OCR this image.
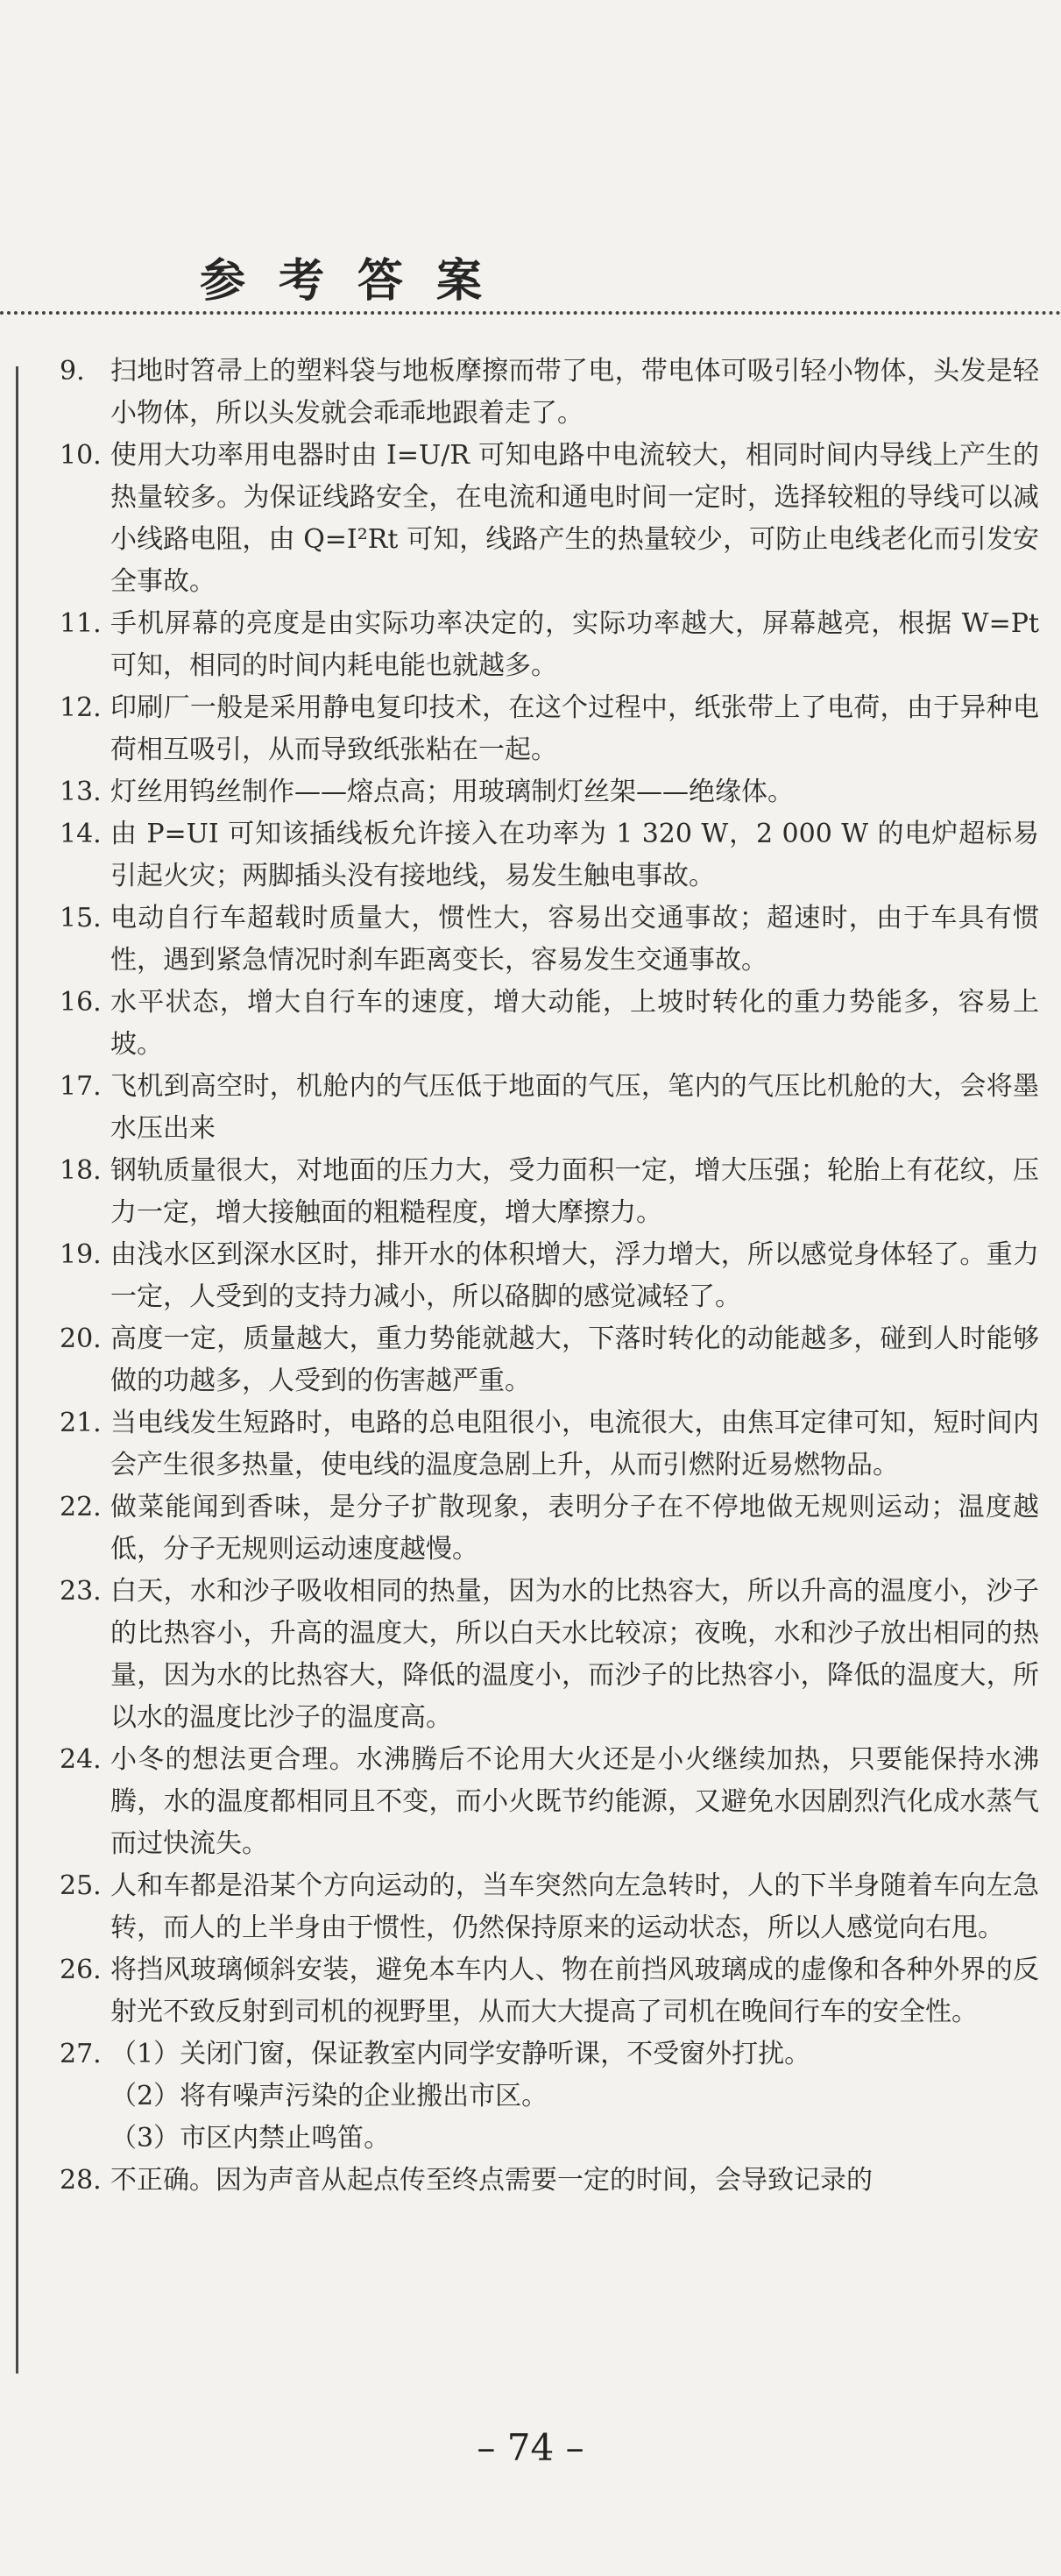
参考答案
9. 扫地时笤帚上的塑料袋与地板摩擦而带了电，带电体可吸引轻小物体，头发是轻小物体，所以头发就会乖乖地跟着走了。
10. 使用大功率用电器时由 I=U/R 可知电路中电流较大，相同时间内导线上产生的热量较多。为保证线路安全，在电流和通电时间一定时，选择较粗的导线可以减小线路电阻，由 Q=I²Rt 可知，线路产生的热量较少，可防止电线老化而引发安全事故。
11. 手机屏幕的亮度是由实际功率决定的，实际功率越大，屏幕越亮，根据 W=Pt 可知，相同的时间内耗电能也就越多。
12. 印刷厂一般是采用静电复印技术，在这个过程中，纸张带上了电荷，由于异种电荷相互吸引，从而导致纸张粘在一起。
13. 灯丝用钨丝制作——熔点高；用玻璃制灯丝架——绝缘体。
14. 由 P=UI 可知该插线板允许接入在功率为 1 320 W，2 000 W 的电炉超标易引起火灾；两脚插头没有接地线，易发生触电事故。
15. 电动自行车超载时质量大，惯性大，容易出交通事故；超速时，由于车具有惯性，遇到紧急情况时刹车距离变长，容易发生交通事故。
16. 水平状态，增大自行车的速度，增大动能，上坡时转化的重力势能多，容易上坡。
17. 飞机到高空时，机舱内的气压低于地面的气压，笔内的气压比机舱的大，会将墨水压出来
18. 钢轨质量很大，对地面的压力大，受力面积一定，增大压强；轮胎上有花纹，压力一定，增大接触面的粗糙程度，增大摩擦力。
19. 由浅水区到深水区时，排开水的体积增大，浮力增大，所以感觉身体轻了。重力一定，人受到的支持力减小，所以硌脚的感觉减轻了。
20. 高度一定，质量越大，重力势能就越大，下落时转化的动能越多，碰到人时能够做的功越多，人受到的伤害越严重。
21. 当电线发生短路时，电路的总电阻很小，电流很大，由焦耳定律可知，短时间内会产生很多热量，使电线的温度急剧上升，从而引燃附近易燃物品。
22. 做菜能闻到香味，是分子扩散现象，表明分子在不停地做无规则运动；温度越低，分子无规则运动速度越慢。
23. 白天，水和沙子吸收相同的热量，因为水的比热容大，所以升高的温度小，沙子的比热容小，升高的温度大，所以白天水比较凉；夜晚，水和沙子放出相同的热量，因为水的比热容大，降低的温度小，而沙子的比热容小，降低的温度大，所以水的温度比沙子的温度高。
24. 小冬的想法更合理。水沸腾后不论用大火还是小火继续加热，只要能保持水沸腾，水的温度都相同且不变，而小火既节约能源，又避免水因剧烈汽化成水蒸气而过快流失。
25. 人和车都是沿某个方向运动的，当车突然向左急转时，人的下半身随着车向左急转，而人的上半身由于惯性，仍然保持原来的运动状态，所以人感觉向右甩。
26. 将挡风玻璃倾斜安装，避免本车内人、物在前挡风玻璃成的虚像和各种外界的反射光不致反射到司机的视野里，从而大大提高了司机在晚间行车的安全性。
27. （1）关闭门窗，保证教室内同学安静听课，不受窗外打扰。
（2）将有噪声污染的企业搬出市区。
（3）市区内禁止鸣笛。
28. 不正确。因为声音从起点传至终点需要一定的时间，会导致记录的
– 74 –
